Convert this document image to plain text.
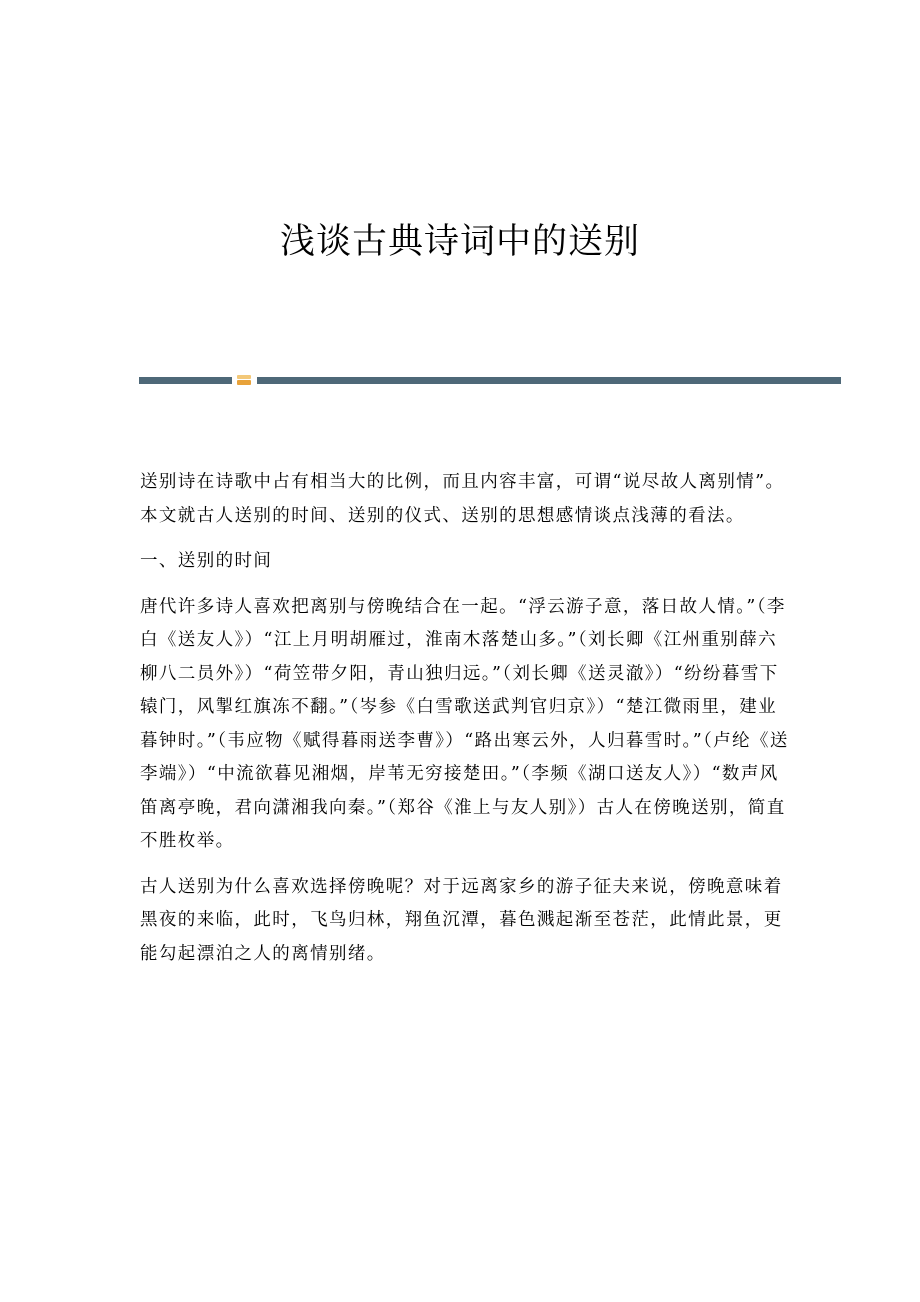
浅谈古典诗词中的送别

送别诗在诗歌中占有相当大的比例，而且内容丰富，可谓“说尽故人离别情”。本文就古人送别的时间、送别的仪式、送别的思想感情谈点浅薄的看法。

一、送别的时间

唐代许多诗人喜欢把离别与傍晚结合在一起。“浮云游子意，落日故人情。”（李白《送友人》）“江上月明胡雁过，淮南木落楚山多。”（刘长卿《江州重别薛六柳八二员外》）“荷笠带夕阳，青山独归远。”（刘长卿《送灵澈》）“纷纷暮雪下辕门，风掣红旗冻不翻。”（岑参《白雪歌送武判官归京》）“楚江微雨里，建业暮钟时。”（韦应物《赋得暮雨送李曹》）“路出寒云外，人归暮雪时。”（卢纶《送李端》）“中流欲暮见湘烟，岸苇无穷接楚田。”（李频《湖口送友人》）“数声风笛离亭晚，君向潇湘我向秦。”（郑谷《淮上与友人别》）古人在傍晚送别，简直不胜枚举。

古人送别为什么喜欢选择傍晚呢？对于远离家乡的游子征夫来说，傍晚意味着黑夜的来临，此时，飞鸟归林，翔鱼沉潭，暮色溅起渐至苍茫，此情此景，更能勾起漂泊之人的离情别绪。
